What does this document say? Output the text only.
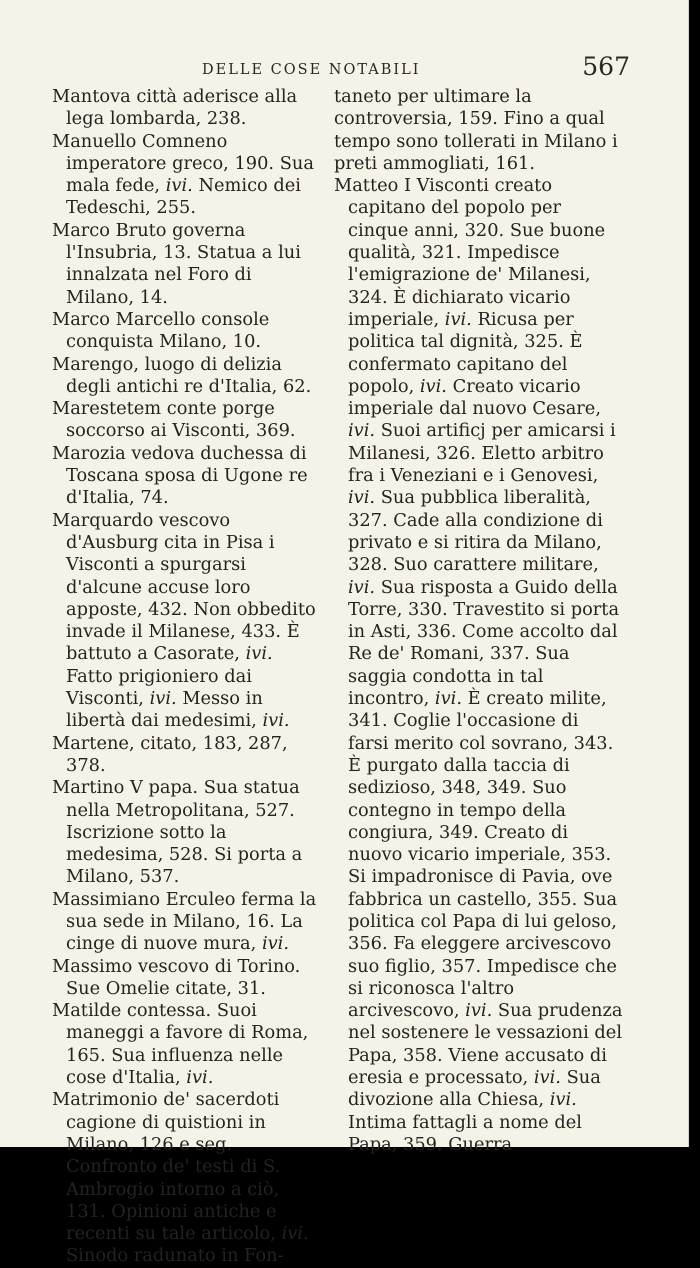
DELLE COSE NOTABILI	567

Mantova città aderisce alla lega lombarda, 238.

Manuello Comneno imperatore greco, 190. Sua mala fede, ivi. Nemico dei Tedeschi, 255.

Marco Bruto governa l'Insubria, 13. Statua a lui innalzata nel Foro di Milano, 14.

Marco Marcello console conquista Milano, 10.

Marengo, luogo di delizia degli antichi re d'Italia, 62.

Marestetem conte porge soccorso ai Visconti, 369.

Marozia vedova duchessa di Toscana sposa di Ugone re d'Italia, 74.

Marquardo vescovo d'Ausburg cita in Pisa i Visconti a spurgarsi d'alcune accuse loro apposte, 432. Non obbedito invade il Milanese, 433. È battuto a Casorate, ivi. Fatto prigioniero dai Visconti, ivi. Messo in libertà dai medesimi, ivi.

Martene, citato, 183, 287, 378.

Martino V papa. Sua statua nella Metropolitana, 527. Iscrizione sotto la medesima, 528. Si porta a Milano, 537.

Massimiano Erculeo ferma la sua sede in Milano, 16. La cinge di nuove mura, ivi.

Massimo vescovo di Torino. Sue Omelie citate, 31.

Matilde contessa. Suoi maneggi a favore di Roma, 165. Sua influenza nelle cose d'Italia, ivi.

Matrimonio de' sacerdoti cagione di quistioni in Milano, 126 e seg. Confronto de' testi di S. Ambrogio intorno a ciò, 131. Opinioni antiche e recenti su tale articolo, ivi. Sinodo radunato in Fon-

taneto per ultimare la controversia, 159. Fino a qual tempo sono tollerati in Milano i preti ammogliati, 161.

Matteo I Visconti creato capitano del popolo per cinque anni, 320. Sue buone qualità, 321. Impedisce l'emigrazione de' Milanesi, 324. È dichiarato vicario imperiale, ivi. Ricusa per politica tal dignità, 325. È confermato capitano del popolo, ivi. Creato vicario imperiale dal nuovo Cesare, ivi. Suoi artificj per amicarsi i Milanesi, 326. Eletto arbitro fra i Veneziani e i Genovesi, ivi. Sua pubblica liberalità, 327. Cade alla condizione di privato e si ritira da Milano, 328. Suo carattere militare, ivi. Sua risposta a Guido della Torre, 330. Travestito si porta in Asti, 336. Come accolto dal Re de' Romani, 337. Sua saggia condotta in tal incontro, ivi. È creato milite, 341. Coglie l'occasione di farsi merito col sovrano, 343. È purgato dalla taccia di sedizioso, 348, 349. Suo contegno in tempo della congiura, 349. Creato di nuovo vicario imperiale, 353. Si impadronisce di Pavia, ove fabbrica un castello, 355. Sua politica col Papa di lui geloso, 356. Fa eleggere arcivescovo suo figlio, 357. Impedisce che si riconosca l'altro arcivescovo, ivi. Sua prudenza nel sostenere le vessazioni del Papa, 358. Viene accusato di eresia e processato, ivi. Sua divozione alla Chiesa, ivi. Intima fattagli a nome del Papa, 359. Guerra
